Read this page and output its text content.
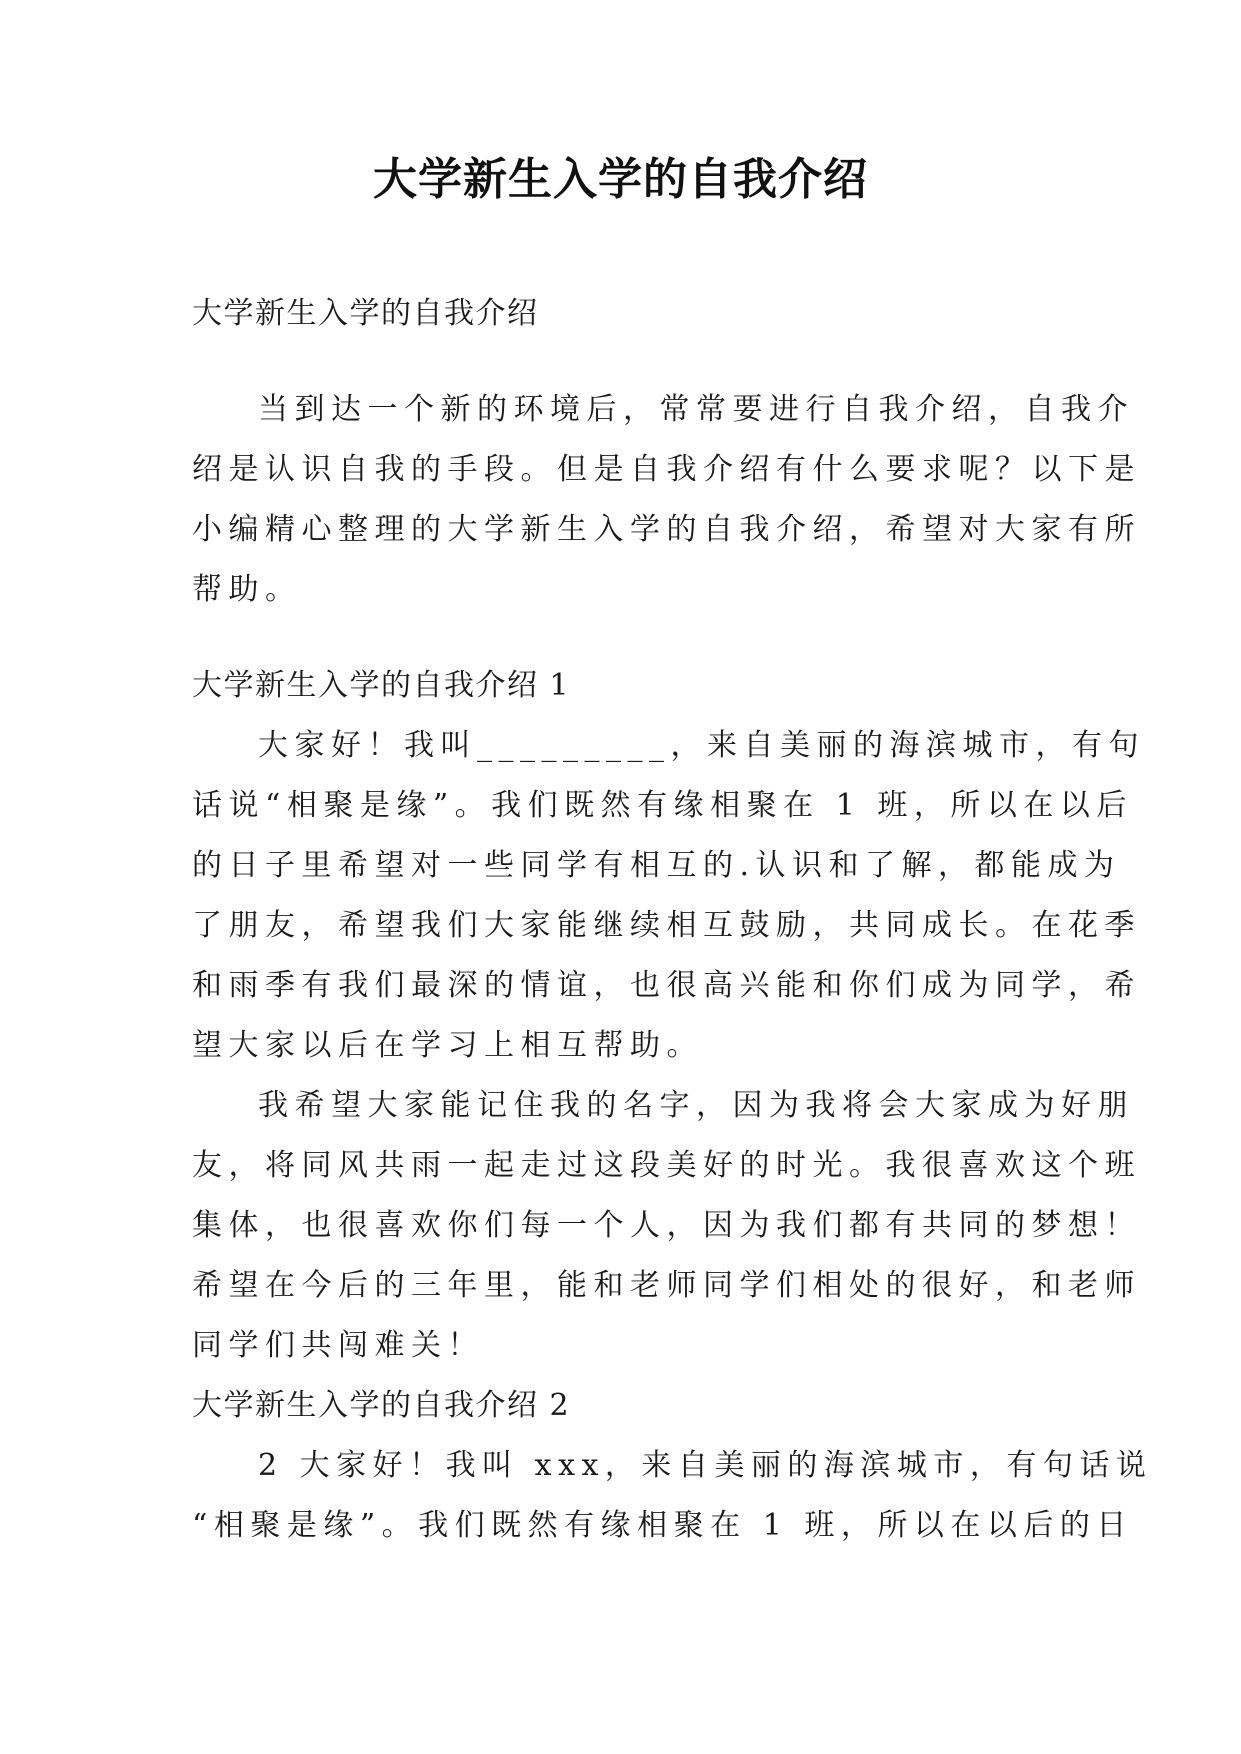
大学新生入学的自我介绍

大学新生入学的自我介绍

当到达一个新的环境后，常常要进行自我介绍，自我介

绍是认识自我的手段。但是自我介绍有什么要求呢？以下是

小编精心整理的大学新生入学的自我介绍，希望对大家有所

帮助。

大学新生入学的自我介绍 1

大家好！我叫_________，来自美丽的海滨城市，有句

话说“相聚是缘”。我们既然有缘相聚在 1 班，所以在以后

的日子里希望对一些同学有相互的.认识和了解，都能成为

了朋友，希望我们大家能继续相互鼓励，共同成长。在花季

和雨季有我们最深的情谊，也很高兴能和你们成为同学，希

望大家以后在学习上相互帮助。

我希望大家能记住我的名字，因为我将会大家成为好朋

友，将同风共雨一起走过这段美好的时光。我很喜欢这个班

集体，也很喜欢你们每一个人，因为我们都有共同的梦想！

希望在今后的三年里，能和老师同学们相处的很好，和老师

同学们共闯难关！

大学新生入学的自我介绍 2

2 大家好！我叫 xxx，来自美丽的海滨城市，有句话说

“相聚是缘”。我们既然有缘相聚在 1 班，所以在以后的日
